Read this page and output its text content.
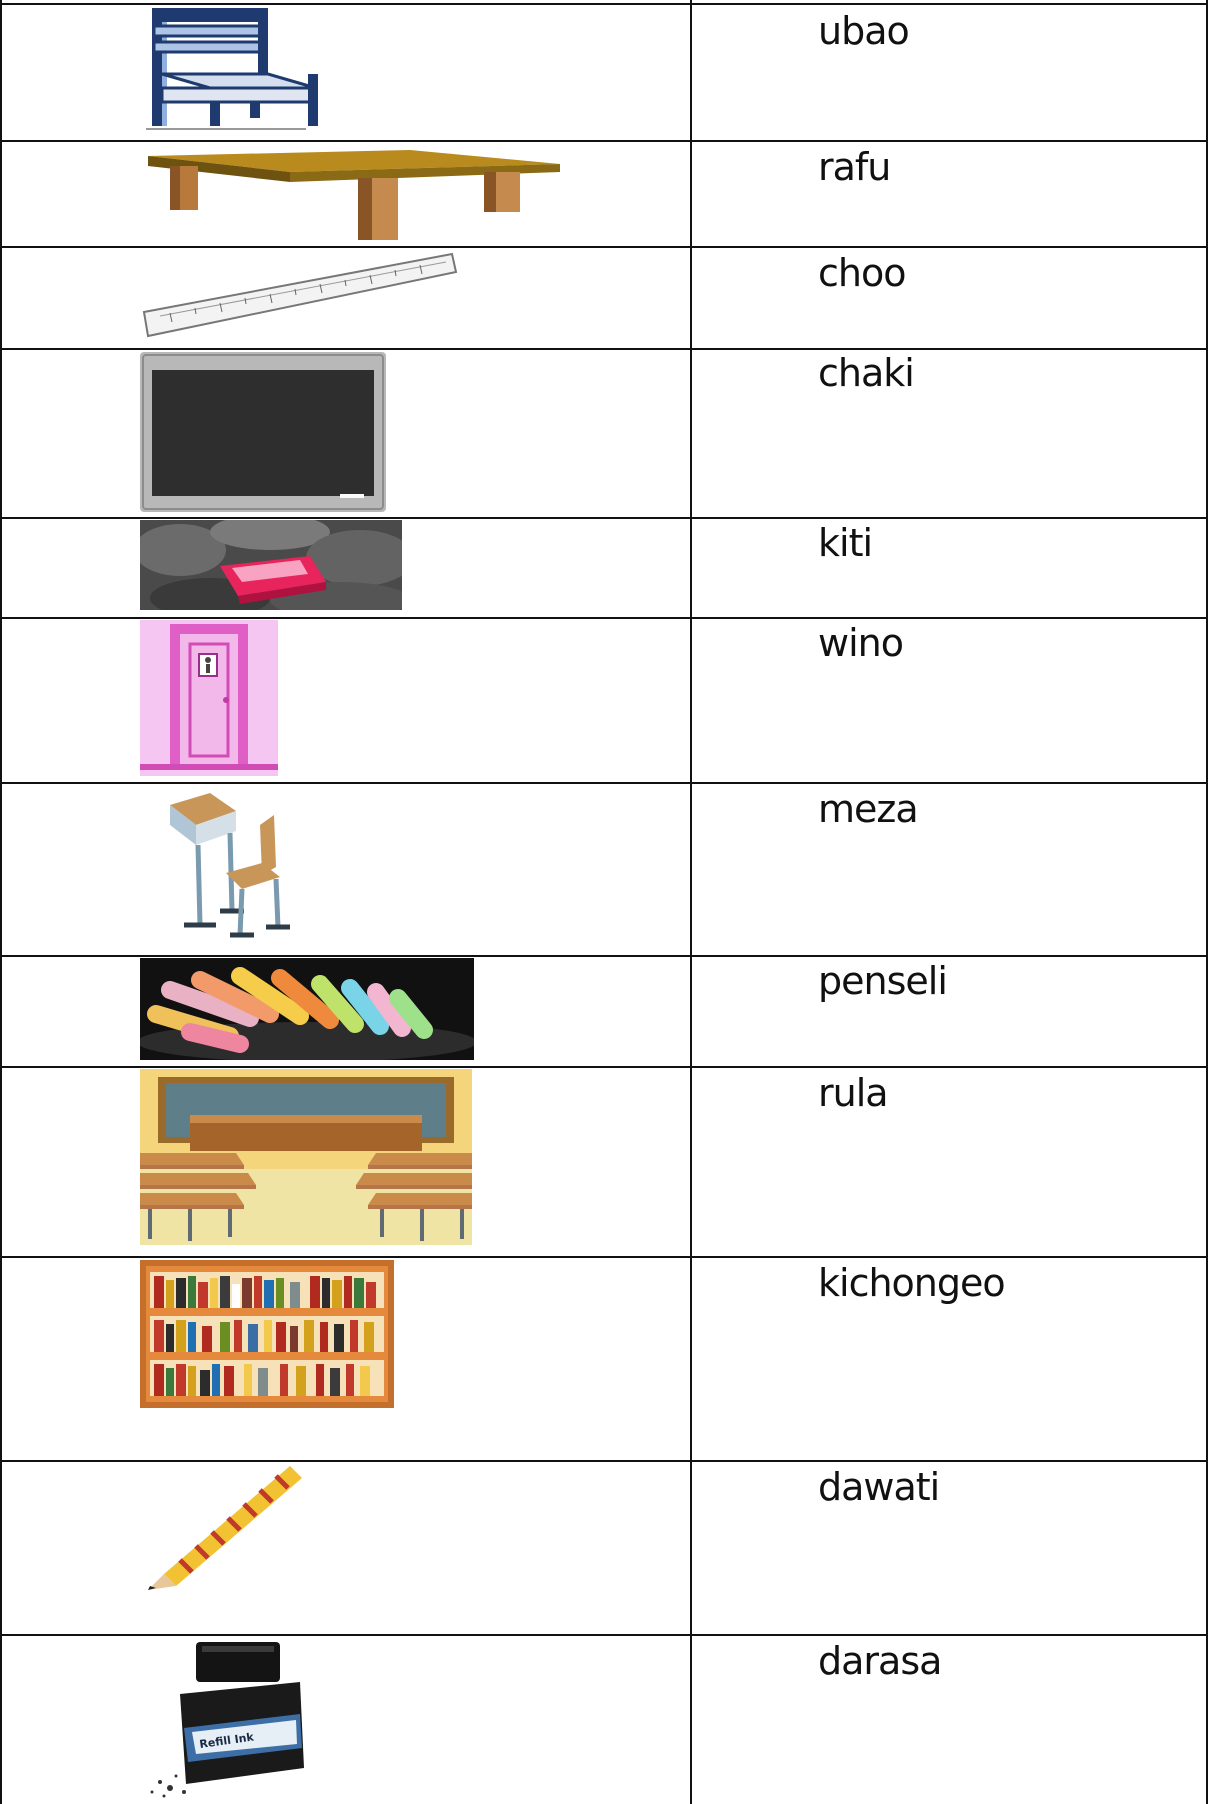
ubao
rafu
choo
chaki
kiti
wino
meza
penseli
rula
kichongeo
dawati
darasa
Refill Ink
